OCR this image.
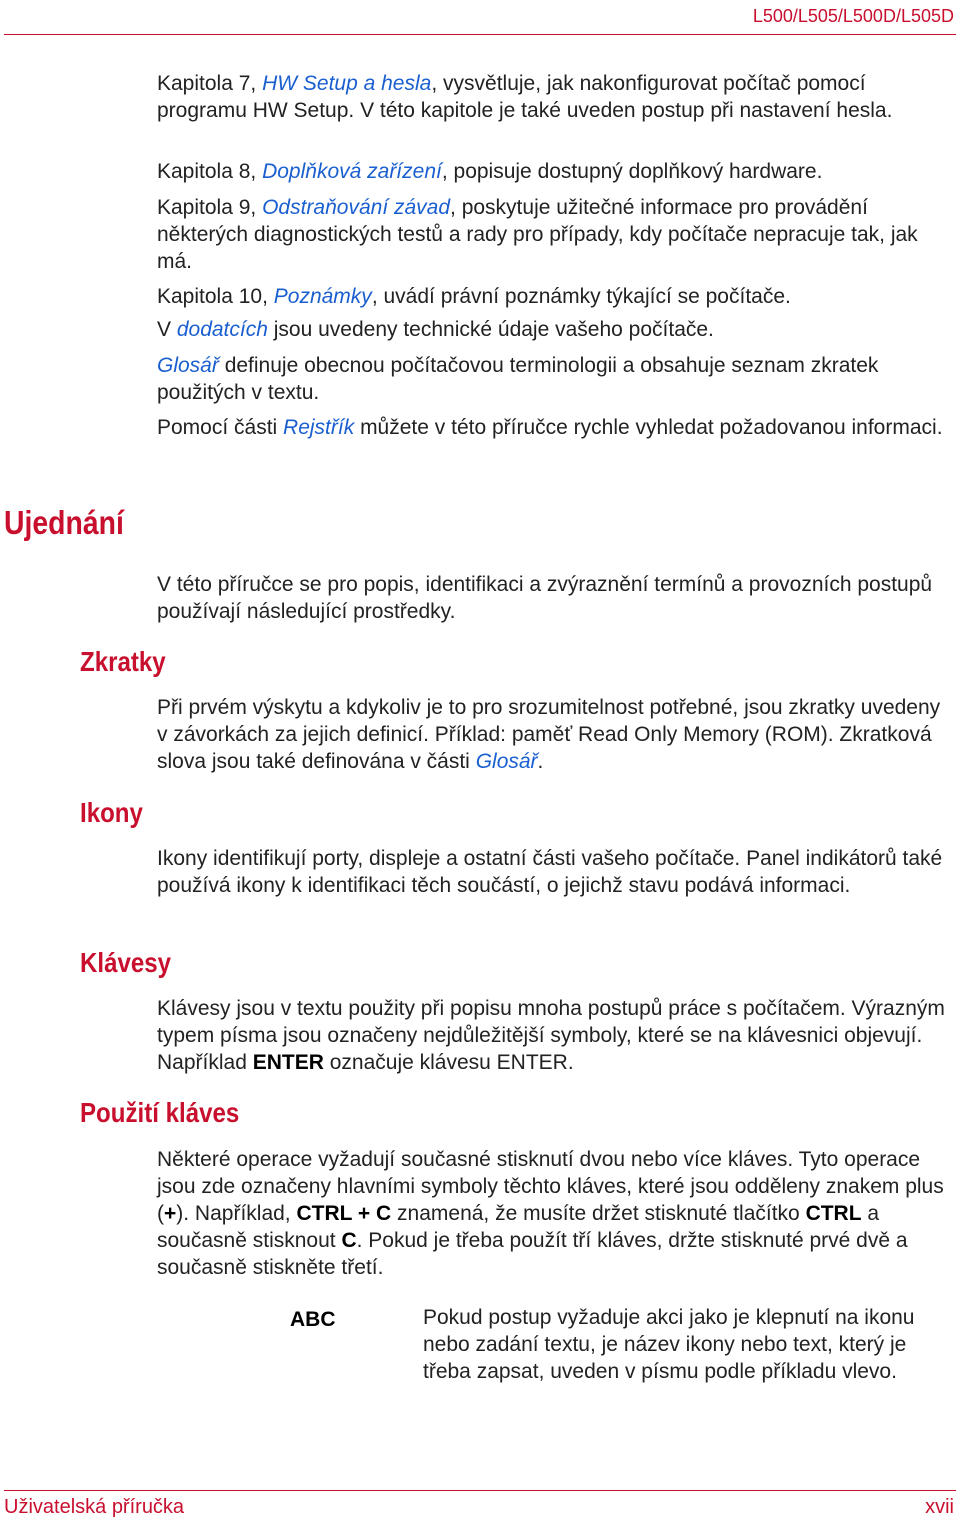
L500/L505/L500D/L505D
Kapitola 7, HW Setup a hesla, vysvětluje, jak nakonfigurovat počítač pomocí programu HW Setup. V této kapitole je také uveden postup při nastavení hesla.
Kapitola 8, Doplňková zařízení, popisuje dostupný doplňkový hardware.
Kapitola 9, Odstraňování závad, poskytuje užitečné informace pro provádění některých diagnostických testů a rady pro případy, kdy počítače nepracuje tak, jak má.
Kapitola 10, Poznámky, uvádí právní poznámky týkající se počítače.
V dodatcích jsou uvedeny technické údaje vašeho počítače.
Glosář definuje obecnou počítačovou terminologii a obsahuje seznam zkratek použitých v textu.
Pomocí části Rejstřík můžete v této příručce rychle vyhledat požadovanou informaci.
Ujednání
V této příručce se pro popis, identifikaci a zvýraznění termínů a provozních postupů používají následující prostředky.
Zkratky
Při prvém výskytu a kdykoliv je to pro srozumitelnost potřebné, jsou zkratky uvedeny v závorkách za jejich definicí. Příklad: paměť Read Only Memory (ROM). Zkratková slova jsou také definována v části Glosář.
Ikony
Ikony identifikují porty, displeje a ostatní části vašeho počítače. Panel indikátorů také používá ikony k identifikaci těch součástí, o jejichž stavu podává informaci.
Klávesy
Klávesy jsou v textu použity při popisu mnoha postupů práce s počítačem. Výrazným typem písma jsou označeny nejdůležitější symboly, které se na klávesnici objevují. Například ENTER označuje klávesu ENTER.
Použití kláves
Některé operace vyžadují současné stisknutí dvou nebo více kláves. Tyto operace jsou zde označeny hlavními symboly těchto kláves, které jsou odděleny znakem plus (+). Například, CTRL + C znamená, že musíte držet stisknuté tlačítko CTRL a současně stisknout C. Pokud je třeba použít tří kláves, držte stisknuté prvé dvě a současně stiskněte třetí.
ABC	Pokud postup vyžaduje akci jako je klepnutí na ikonu nebo zadání textu, je název ikony nebo text, který je třeba zapsat, uveden v písmu podle příkladu vlevo.
Uživatelská příručka	xvii
